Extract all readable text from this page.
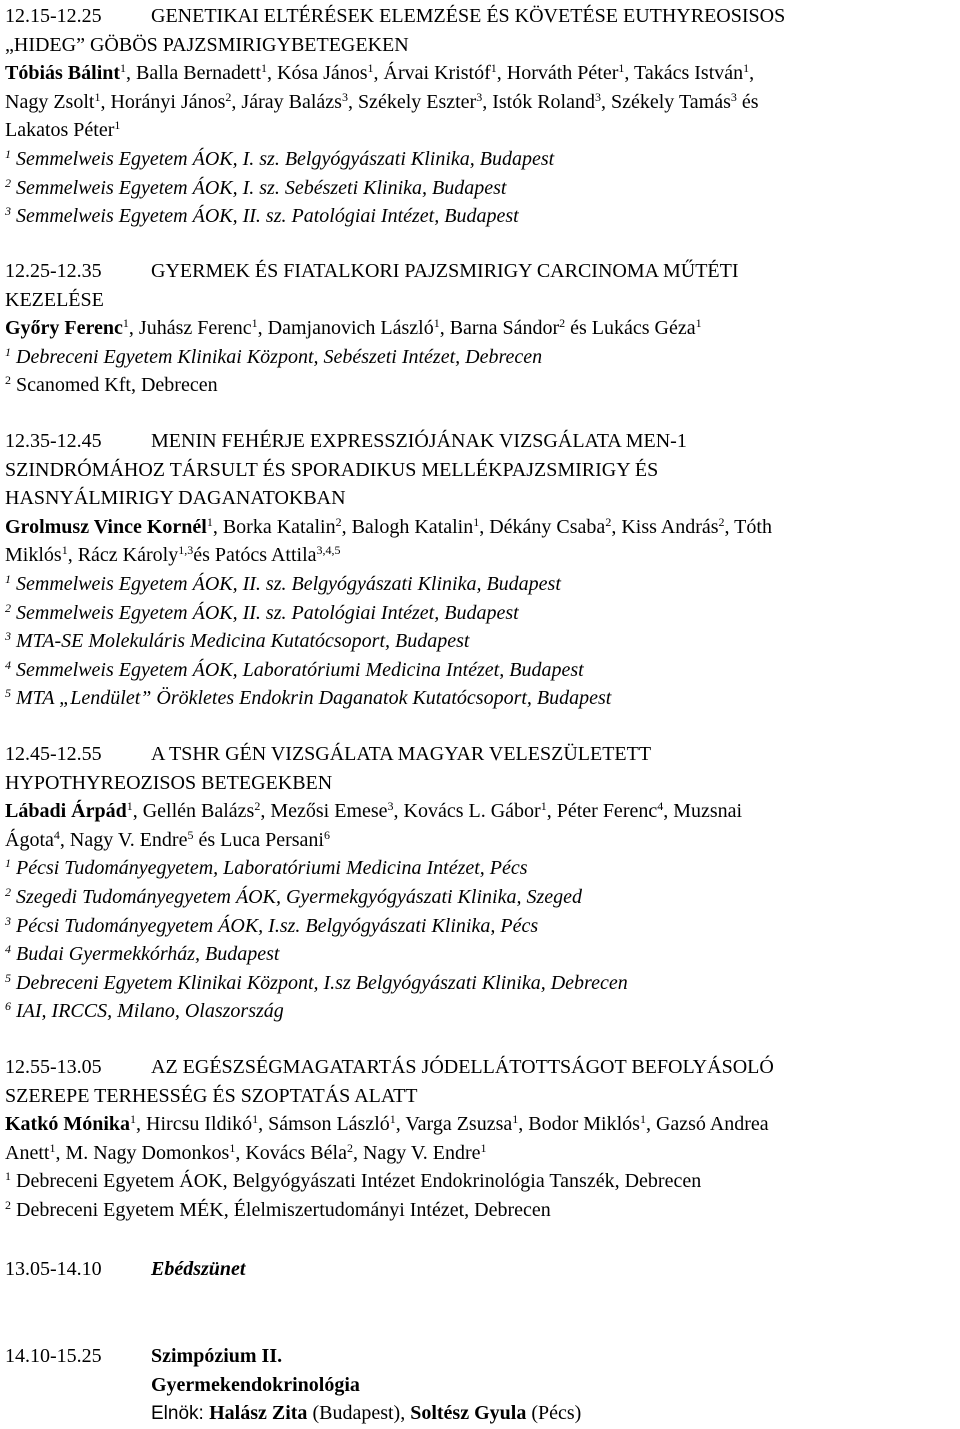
12.15-12.25 GENETIKAI ELTÉRÉSEK ELEMZÉSE ÉS KÖVETÉSE EUTHYREOSISOS
„HIDEG” GÖBÖS PAJZSMIRIGYBETEGEKEN
Tóbiás Bálint$^1$, Balla Bernadett$^1$, Kósa János$^1$, Árvai Kristóf$^1$, Horváth Péter$^1$, Takács István$^1$,
Nagy Zsolt$^1$, Horányi János$^2$, Járay Balázs$^3$, Székely Eszter$^3$, Istók Roland$^3$, Székely Tamás$^3$ és
Lakatos Péter$^1$
$^1$ Semmelweis Egyetem ÁOK, I. sz. Belgyógyászati Klinika, Budapest
$^2$ Semmelweis Egyetem ÁOK, I. sz. Sebészeti Klinika, Budapest
$^3$ Semmelweis Egyetem ÁOK, II. sz. Patológiai Intézet, Budapest
12.25-12.35 GYERMEK ÉS FIATALKORI PAJZSMIRIGY CARCINOMA MŰTÉTI
KEZELÉSE
Győry Ferenc$^1$, Juhász Ferenc$^1$, Damjanovich László$^1$, Barna Sándor$^2$ és Lukács Géza$^1$
$^1$ Debreceni Egyetem Klinikai Központ, Sebészeti Intézet, Debrecen
$^2$ Scanomed Kft, Debrecen
12.35-12.45 MENIN FEHÉRJE EXPRESSZIÓJÁNAK VIZSGÁLATA MEN-1
SZINDRÓMÁHOZ TÁRSULT ÉS SPORADIKUS MELLÉKPAJZSMIRIGY ÉS
HASNYÁLMIRIGY DAGANATOKBAN
Grolmusz Vince Kornél$^1$, Borka Katalin$^2$, Balogh Katalin$^1$, Dékány Csaba$^2$, Kiss András$^2$, Tóth
Miklós$^1$, Rácz Károly$^{1,3}$és Patócs Attila$^{3,4,5}$
$^1$ Semmelweis Egyetem ÁOK, II. sz. Belgyógyászati Klinika, Budapest
$^2$ Semmelweis Egyetem ÁOK, II. sz. Patológiai Intézet, Budapest
$^3$ MTA-SE Molekuláris Medicina Kutatócsoport, Budapest
$^4$ Semmelweis Egyetem ÁOK, Laboratóriumi Medicina Intézet, Budapest
$^5$ MTA „Lendület” Örökletes Endokrin Daganatok Kutatócsoport, Budapest
12.45-12.55 A TSHR GÉN VIZSGÁLATA MAGYAR VELESZÜLETETT
HYPOTHYREOZISOS BETEGEKBEN
Lábadi Árpád$^1$, Gellén Balázs$^2$, Mezősi Emese$^3$, Kovács L. Gábor$^1$, Péter Ferenc$^4$, Muzsnai
Ágota$^4$, Nagy V. Endre$^5$ és Luca Persani$^6$
$^1$ Pécsi Tudományegyetem, Laboratóriumi Medicina Intézet, Pécs
$^2$ Szegedi Tudományegyetem ÁOK, Gyermekgyógyászati Klinika, Szeged
$^3$ Pécsi Tudományegyetem ÁOK, I.sz. Belgyógyászati Klinika, Pécs
$^4$ Budai Gyermekkórház, Budapest
$^5$ Debreceni Egyetem Klinikai Központ, I.sz Belgyógyászati Klinika, Debrecen
$^6$ IAI, IRCCS, Milano, Olaszország
12.55-13.05 AZ EGÉSZSÉGMAGATARTÁS JÓDELLÁTOTTSÁGOT BEFOLYÁSOLÓ
SZEREPE TERHESSÉG ÉS SZOPTATÁS ALATT
Katkó Mónika$^1$, Hircsu Ildikó$^1$, Sámson László$^1$, Varga Zsuzsa$^1$, Bodor Miklós$^1$, Gazsó Andrea
Anett$^1$, M. Nagy Domonkos$^1$, Kovács Béla$^2$, Nagy V. Endre$^1$
$^1$ Debreceni Egyetem ÁOK, Belgyógyászati Intézet Endokrinológia Tanszék, Debrecen
$^2$ Debreceni Egyetem MÉK, Élelmiszertudományi Intézet, Debrecen
13.05-14.10 Ebédszünet
14.10-15.25 Szimpózium II.
Gyermekendokrinológia
Elnök: Halász Zita (Budapest), Soltész Gyula (Pécs)
